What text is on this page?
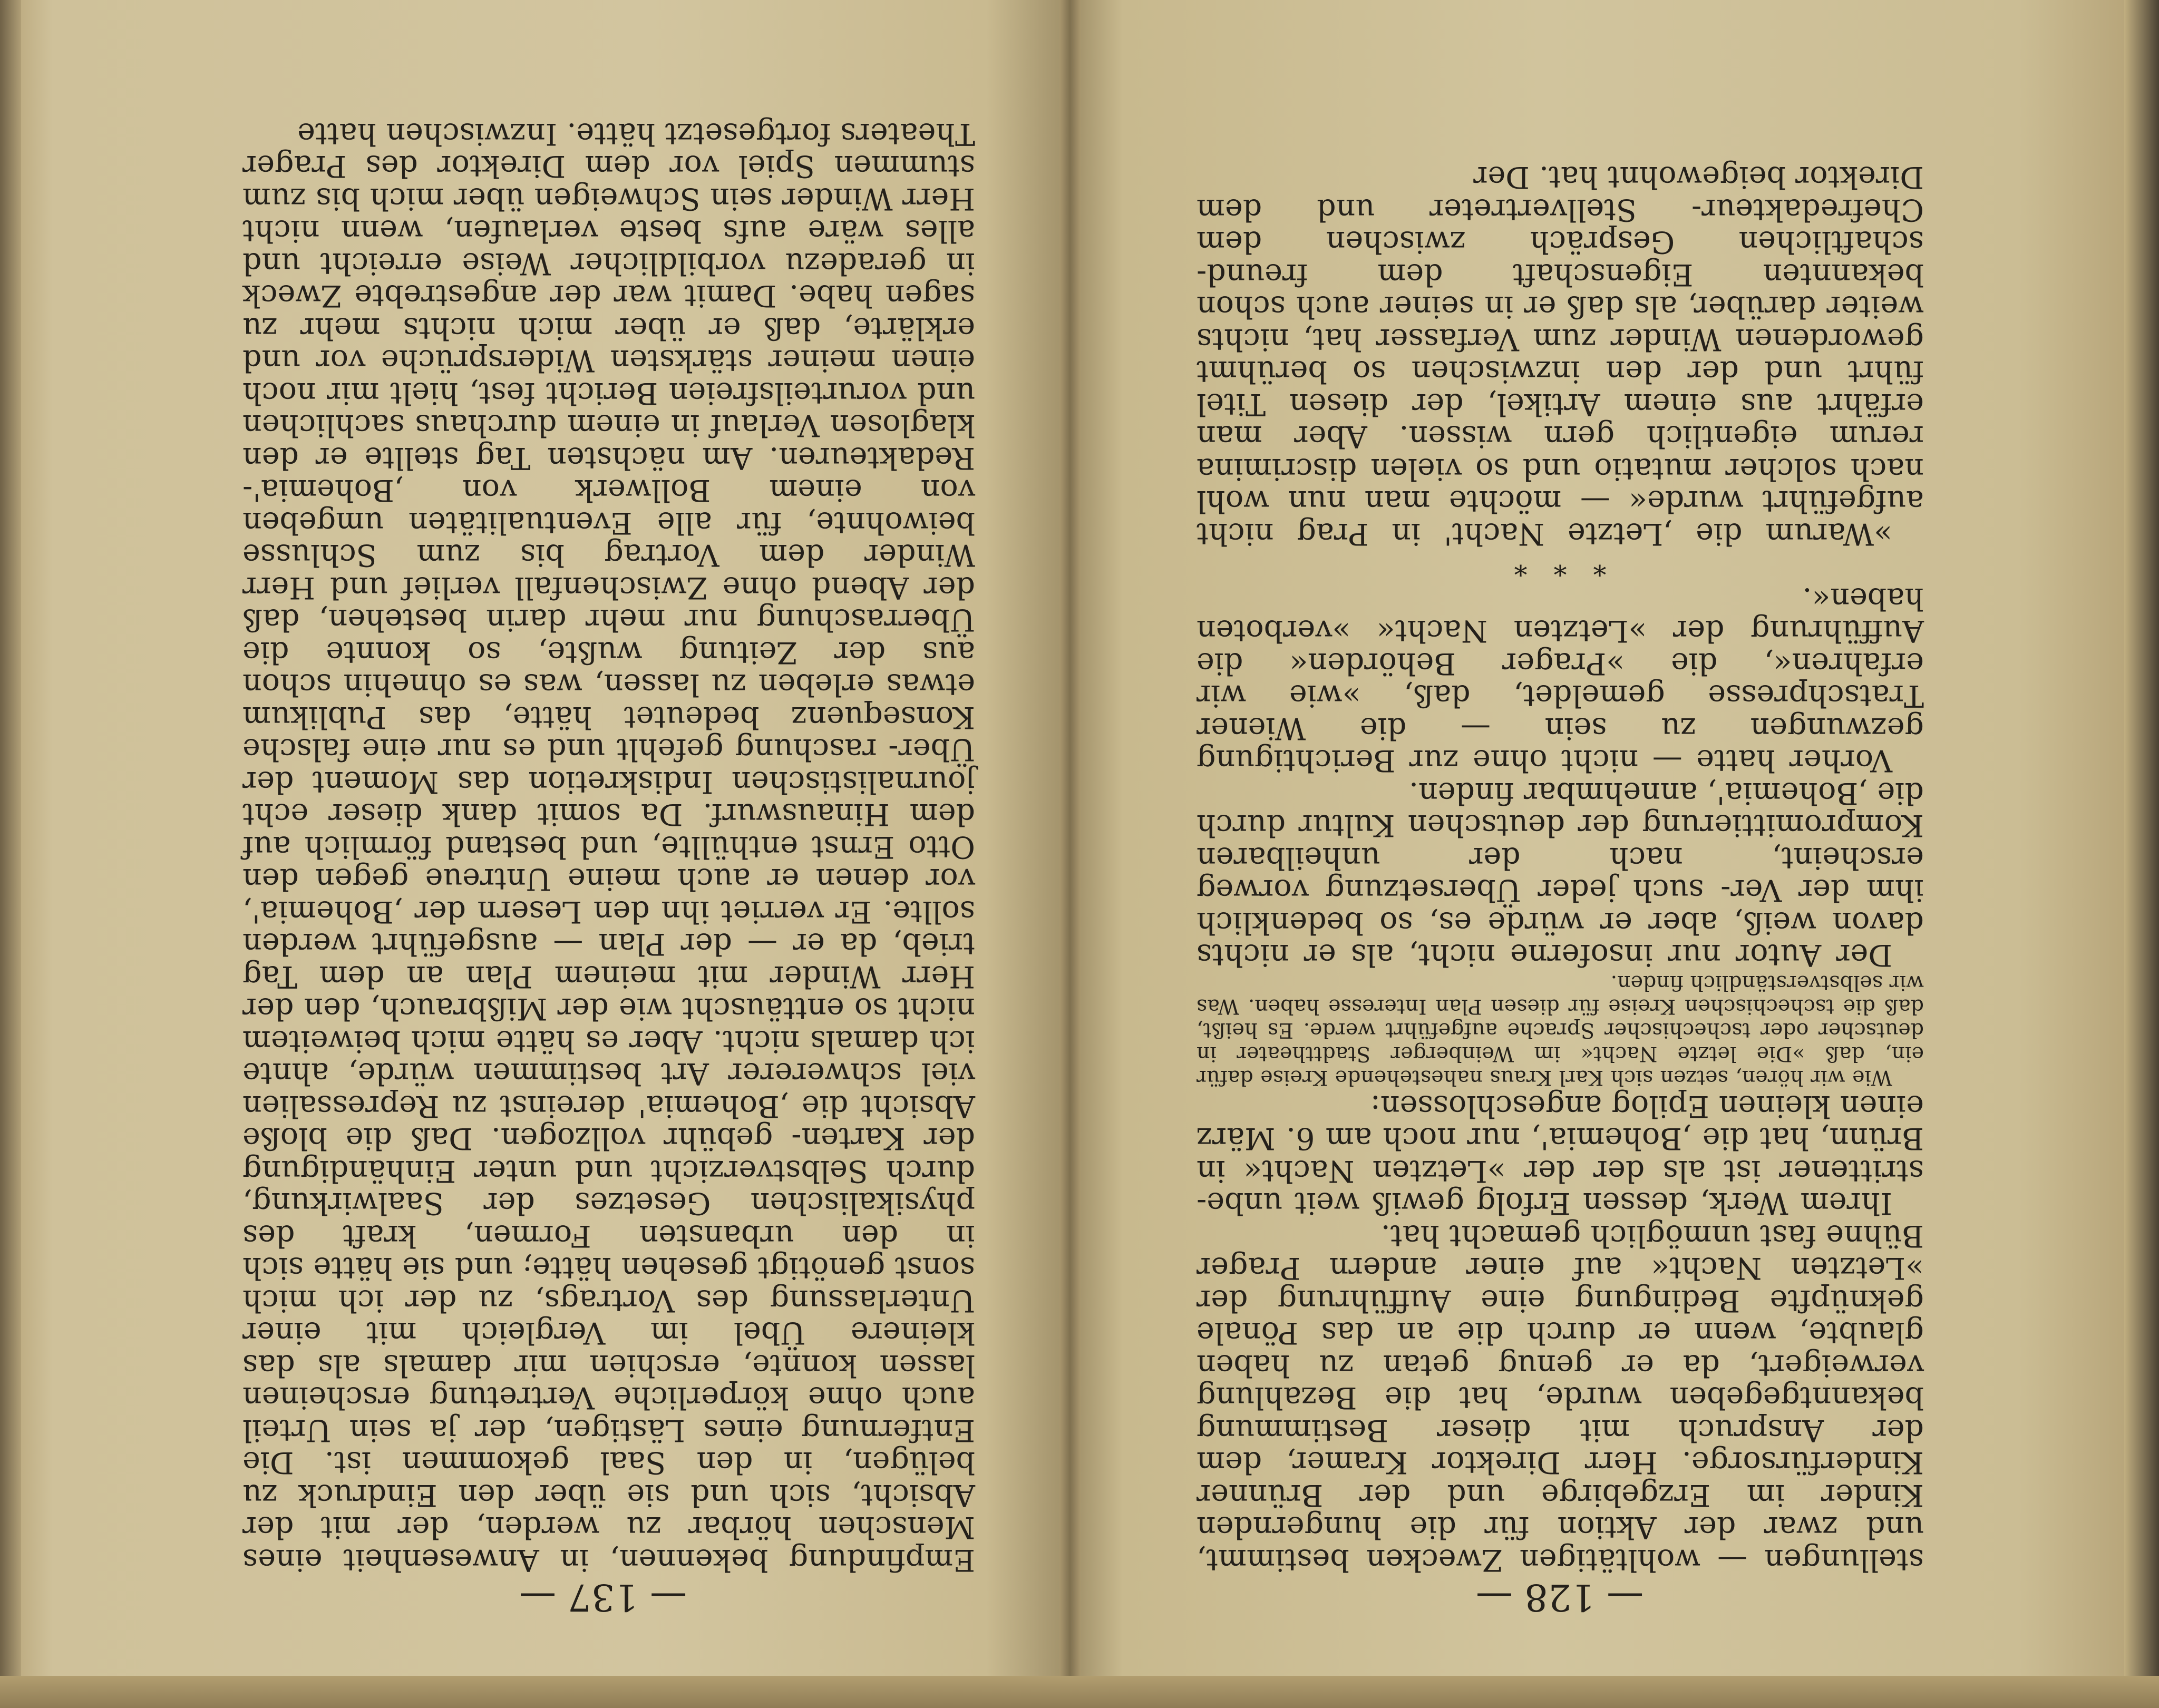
Empfindung bekennen, in Anwesenheit eines Menschen hörbar zu werden, der mit der Absicht, sich und sie über den Eindruck zu belügen, in den Saal gekommen ist. Die Entfernung eines Lästigen, der ja sein Urteil auch ohne körperliche Vertretung erscheinen lassen konnte, erschien mir damals als das kleinere Übel im Vergleich mit einer Unterlassung des Vortrags, zu der ich mich sonst genötigt gesehen hätte; und sie hätte sich in den urbansten Formen, kraft des physikalischen Gesetzes der Saalwirkung, durch Selbstverzicht und unter Einhändigung der Karten- gebühr vollzogen. Daß die bloße Absicht die ‚Bohemia' dereinst zu Repressalien viel schwererer Art bestimmen würde, ahnte ich damals nicht. Aber es hätte mich beiweitem nicht so enttäuscht wie der Mißbrauch, den der Herr Winder mit meinem Plan an dem Tag trieb, da er — der Plan — ausgeführt werden sollte. Er verriet ihn den Lesern der ‚Bohemia', vor denen er auch meine Untreue gegen den Otto Ernst enthüllte, und bestand förmlich auf dem Hinauswurf. Da somit dank dieser echt journalistischen Indiskretion das Moment der Über- raschung gefehlt und es nur eine falsche Konsequenz bedeutet hätte, das Publikum etwas erleben zu lassen, was es ohnehin schon aus der Zeitung wußte, so konnte die Überraschung nur mehr darin bestehen, daß der Abend ohne Zwischenfall verlief und Herr Winder dem Vortrag bis zum Schlusse beiwohnte, für alle Eventualitäten umgeben von einem Bollwerk von ‚Bohemia'-Redakteuren. Am nächsten Tag stellte er den klaglosen Verlauf in einem durchaus sachlichen und vorurteilsfreien Bericht fest, hielt mir noch einen meiner stärksten Widersprüche vor und erklärte, daß er über mich nichts mehr zu sagen habe. Damit war der angestrebte Zweck in geradezu vorbildlicher Weise erreicht und alles wäre aufs beste verlaufen, wenn nicht Herr Winder sein Schweigen über mich bis zum stummen Spiel vor dem Direktor des Prager Theaters fortgesetzt hätte. Inzwischen hatte

— 137 —

stellungen — wohltätigen Zwecken bestimmt, und zwar der Aktion für die hungernden Kinder im Erzgebirge und der Brünner Kinderfürsorge. Herr Direktor Kramer, dem der Anspruch mit dieser Bestimmung bekanntgegeben wurde, hat die Bezahlung verweigert, da er genug getan zu haben glaubte, wenn er durch die an das Pönale geknüpfte Bedingung eine Aufführung der »Letzten Nacht« auf einer andern Prager Bühne fast unmöglich gemacht hat.

Ihrem Werk, dessen Erfolg gewiß weit unbe- strittener ist als der der »Letzten Nacht« in Brünn, hat die ‚Bohemia', nur noch am 6. März einen kleinen Epilog angeschlossen:

Wie wir hören, setzen sich Karl Kraus nahestehende Kreise dafür ein, daß »Die letzte Nacht« im Weinberger Stadttheater in deutscher oder tschechischer Sprache aufgeführt werde. Es heißt, daß die tschechischen Kreise für diesen Plan Interesse haben. Was wir selbstverständlich finden.

Der Autor nur insoferne nicht, als er nichts davon weiß, aber er würde es, so bedenklich ihm der Ver- such jeder Übersetzung vorweg erscheint, nach der unheilbaren Kompromittierung der deutschen Kultur durch die ‚Bohemia', annehmbar finden.

Vorher hatte — nicht ohne zur Berichtigung gezwungen zu sein — die Wiener Tratschpresse gemeldet, daß, »wie wir erfahren«, die »Prager Behörden« die Aufführung der »Letzten Nacht« »verboten haben«.

* * *

»Warum die ‚Letzte Nacht' in Prag nicht aufgeführt wurde« — möchte man nun wohl nach solcher mutatio und so vielen discrimina rerum eigentlich gern wissen. Aber man erfährt aus einem Artikel, der diesen Titel führt und der den inzwischen so berühmt gewordenen Winder zum Verfasser hat, nichts weiter darüber, als daß er in seiner auch schon bekannten Eigenschaft dem freund- schaftlichen Gespräch zwischen dem Chefredakteur- Stellvertreter und dem Direktor beigewohnt hat. Der

— 128 —
